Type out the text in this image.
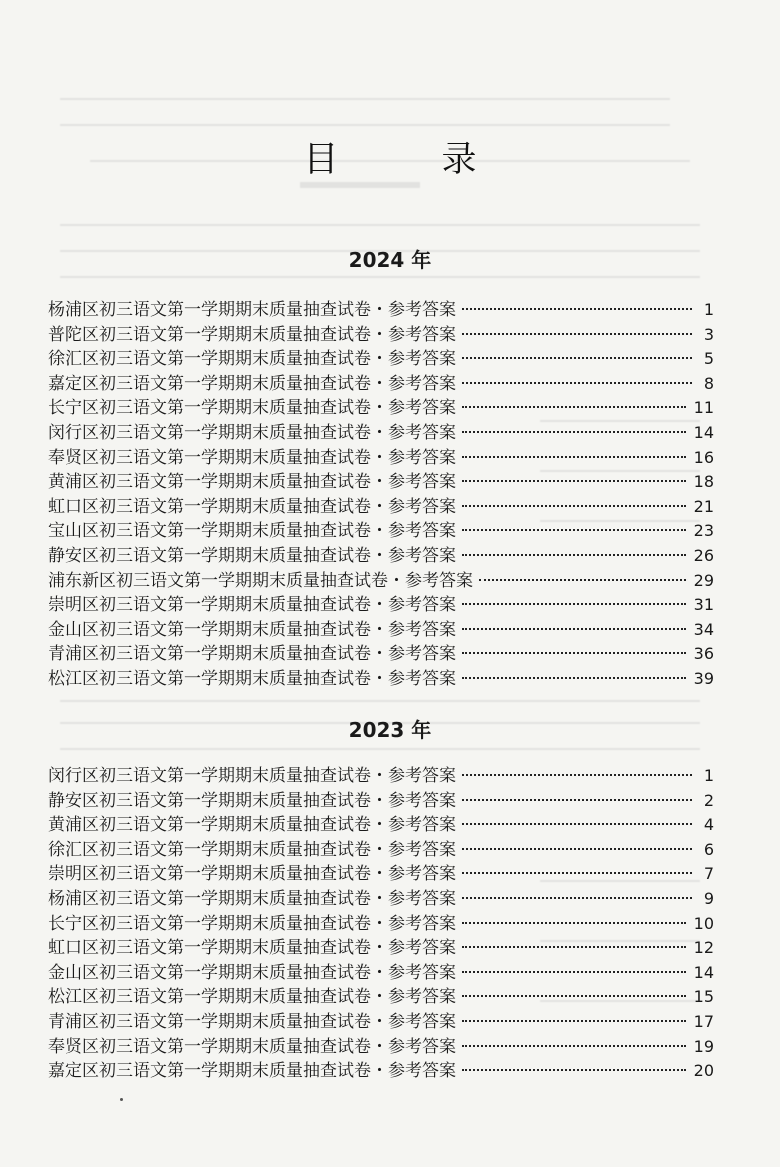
目 录
2024 年
杨浦区初三语文第一学期期末质量抽查试卷・参考答案	1
普陀区初三语文第一学期期末质量抽查试卷・参考答案	3
徐汇区初三语文第一学期期末质量抽查试卷・参考答案	5
嘉定区初三语文第一学期期末质量抽查试卷・参考答案	8
长宁区初三语文第一学期期末质量抽查试卷・参考答案	11
闵行区初三语文第一学期期末质量抽查试卷・参考答案	14
奉贤区初三语文第一学期期末质量抽查试卷・参考答案	16
黄浦区初三语文第一学期期末质量抽查试卷・参考答案	18
虹口区初三语文第一学期期末质量抽查试卷・参考答案	21
宝山区初三语文第一学期期末质量抽查试卷・参考答案	23
静安区初三语文第一学期期末质量抽查试卷・参考答案	26
浦东新区初三语文第一学期期末质量抽查试卷・参考答案	29
崇明区初三语文第一学期期末质量抽查试卷・参考答案	31
金山区初三语文第一学期期末质量抽查试卷・参考答案	34
青浦区初三语文第一学期期末质量抽查试卷・参考答案	36
松江区初三语文第一学期期末质量抽查试卷・参考答案	39
2023 年
闵行区初三语文第一学期期末质量抽查试卷・参考答案	1
静安区初三语文第一学期期末质量抽查试卷・参考答案	2
黄浦区初三语文第一学期期末质量抽查试卷・参考答案	4
徐汇区初三语文第一学期期末质量抽查试卷・参考答案	6
崇明区初三语文第一学期期末质量抽查试卷・参考答案	7
杨浦区初三语文第一学期期末质量抽查试卷・参考答案	9
长宁区初三语文第一学期期末质量抽查试卷・参考答案	10
虹口区初三语文第一学期期末质量抽查试卷・参考答案	12
金山区初三语文第一学期期末质量抽查试卷・参考答案	14
松江区初三语文第一学期期末质量抽查试卷・参考答案	15
青浦区初三语文第一学期期末质量抽查试卷・参考答案	17
奉贤区初三语文第一学期期末质量抽查试卷・参考答案	19
嘉定区初三语文第一学期期末质量抽查试卷・参考答案	20
